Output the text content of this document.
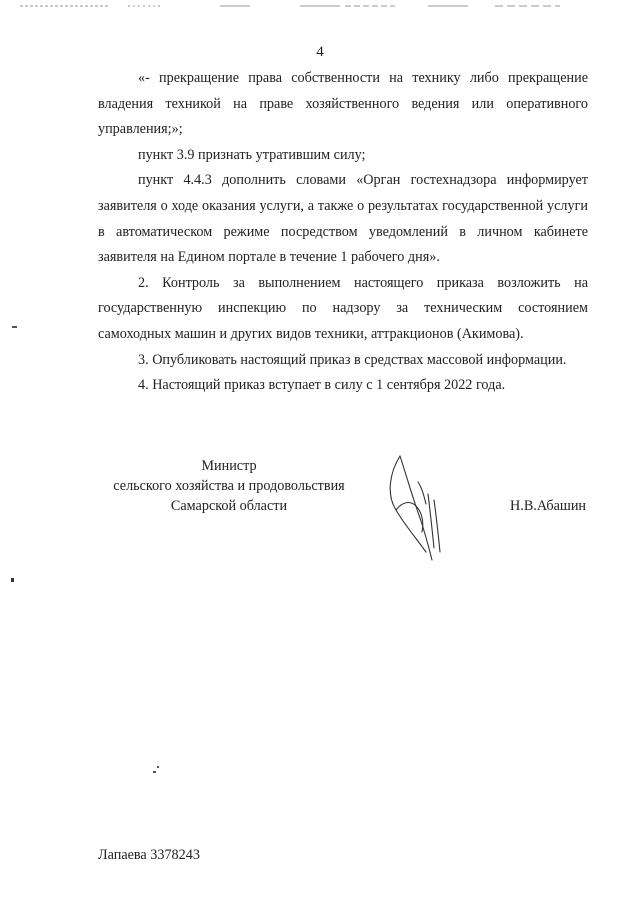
4

«- прекращение права собственности на технику либо прекращение владения техникой на праве хозяйственного ведения или оперативного управления;»;

пункт 3.9 признать утратившим силу;

пункт 4.4.3 дополнить словами «Орган гостехнадзора информирует заявителя о ходе оказания услуги, а также о результатах государственной услуги в автоматическом режиме посредством уведомлений в личном кабинете заявителя на Едином портале в течение 1 рабочего дня».

2. Контроль за выполнением настоящего приказа возложить на государственную инспекцию по надзору за техническим состоянием самоходных машин и других видов техники, аттракционов (Акимова).

3. Опубликовать настоящий приказ в средствах массовой информации.

4. Настоящий приказ вступает в силу с 1 сентября 2022 года.

Министр
сельского хозяйства и продовольствия
Самарской области	Н.В.Абашин
Лапаева 3378243
